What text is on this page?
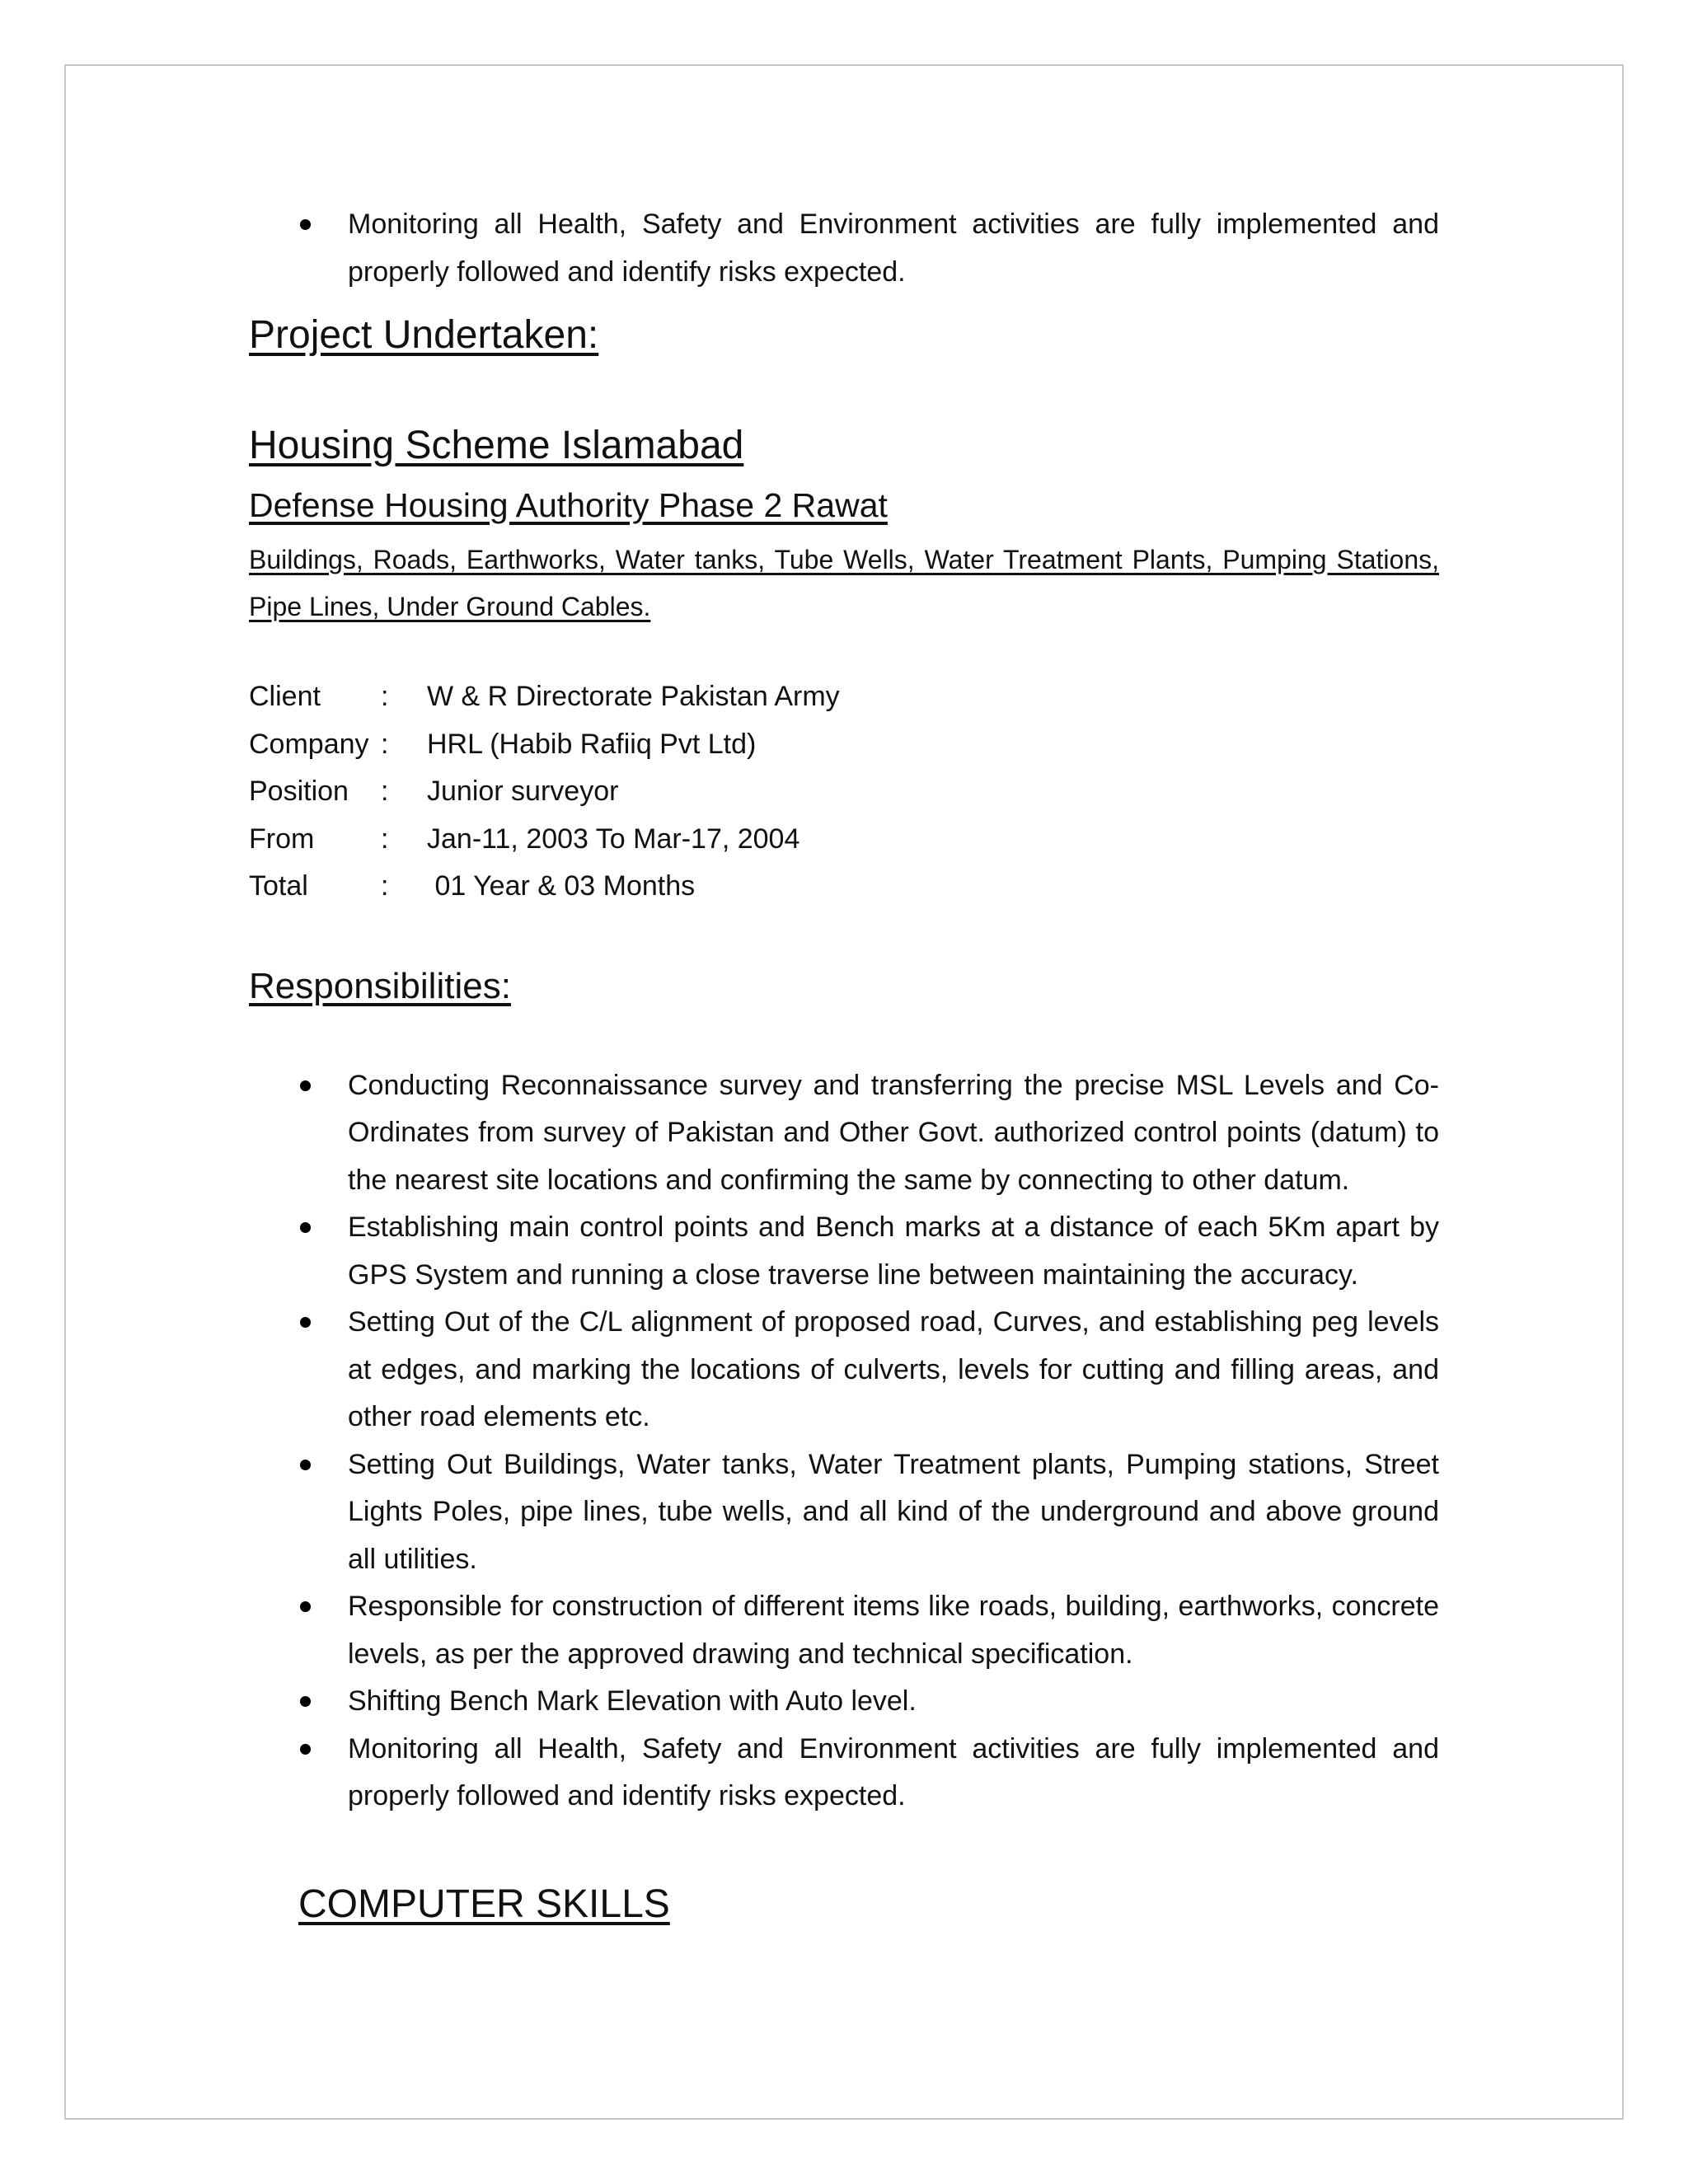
Monitoring all Health, Safety and Environment activities are fully implemented and properly followed and identify risks expected.
Project Undertaken:
Housing Scheme Islamabad
Defense Housing Authority Phase 2 Rawat
Buildings, Roads, Earthworks, Water tanks, Tube Wells, Water Treatment Plants, Pumping Stations, Pipe Lines, Under Ground Cables.
Client	:	W & R Directorate Pakistan Army
Company :	HRL (Habib Rafiiq Pvt Ltd)
Position	:	Junior surveyor
From	:	Jan-11, 2003 To Mar-17, 2004
Total	:	01 Year & 03 Months
Responsibilities:
Conducting Reconnaissance survey and transferring the precise MSL Levels and Co-Ordinates from survey of Pakistan and Other Govt. authorized control points (datum) to the nearest site locations and confirming the same by connecting to other datum.
Establishing main control points and Bench marks at a distance of each 5Km apart by GPS System and running a close traverse line between maintaining the accuracy.
Setting Out of the C/L alignment of proposed road, Curves, and establishing peg levels at edges, and marking the locations of culverts, levels for cutting and filling areas, and other road elements etc.
Setting Out Buildings, Water tanks, Water Treatment plants, Pumping stations, Street Lights Poles, pipe lines, tube wells, and all kind of the underground and above ground all utilities.
Responsible for construction of different items like roads, building, earthworks, concrete levels, as per the approved drawing and technical specification.
Shifting Bench Mark Elevation with Auto level.
Monitoring all Health, Safety and Environment activities are fully implemented and properly followed and identify risks expected.
COMPUTER SKILLS
